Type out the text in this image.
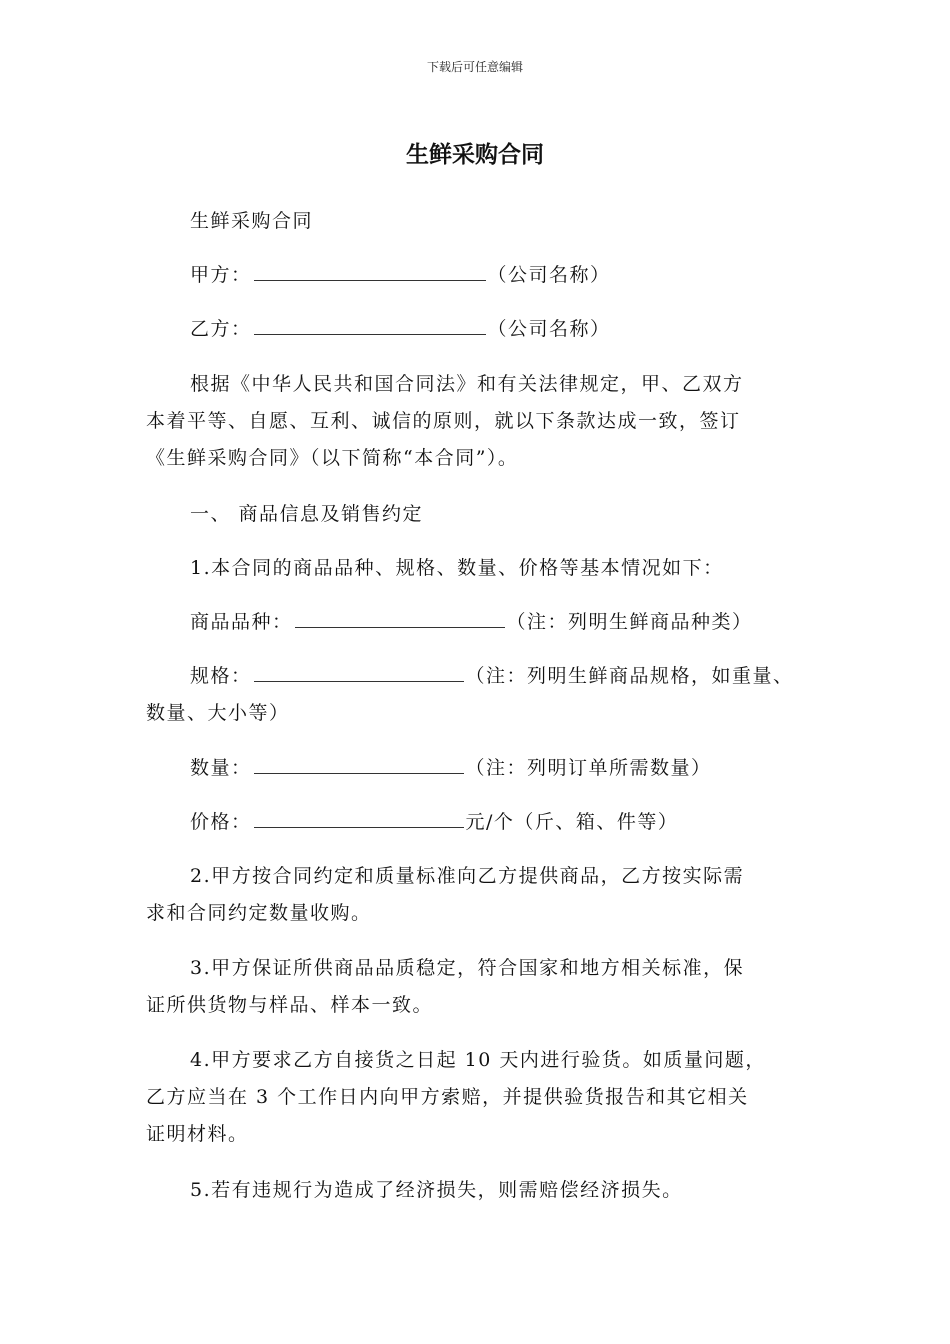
下载后可任意编辑
生鲜采购合同
生鲜采购合同
甲方：	（公司名称）
乙方：	（公司名称）
根据《中华人民共和国合同法》和有关法律规定，甲、乙双方
本着平等、自愿、互利、诚信的原则，就以下条款达成一致，签订
《生鲜采购合同》（以下简称“本合同”）。
一、 商品信息及销售约定
1.本合同的商品品种、规格、数量、价格等基本情况如下：
商品品种：	（注：列明生鲜商品种类）
规格：	（注：列明生鲜商品规格，如重量、
数量、大小等）
数量：	（注：列明订单所需数量）
价格：	元/个（斤、箱、件等）
2.甲方按合同约定和质量标准向乙方提供商品，乙方按实际需
求和合同约定数量收购。
3.甲方保证所供商品品质稳定，符合国家和地方相关标准，保
证所供货物与样品、样本一致。
4.甲方要求乙方自接货之日起 10 天内进行验货。如质量问题，
乙方应当在 3 个工作日内向甲方索赔，并提供验货报告和其它相关
证明材料。
5.若有违规行为造成了经济损失，则需赔偿经济损失。
